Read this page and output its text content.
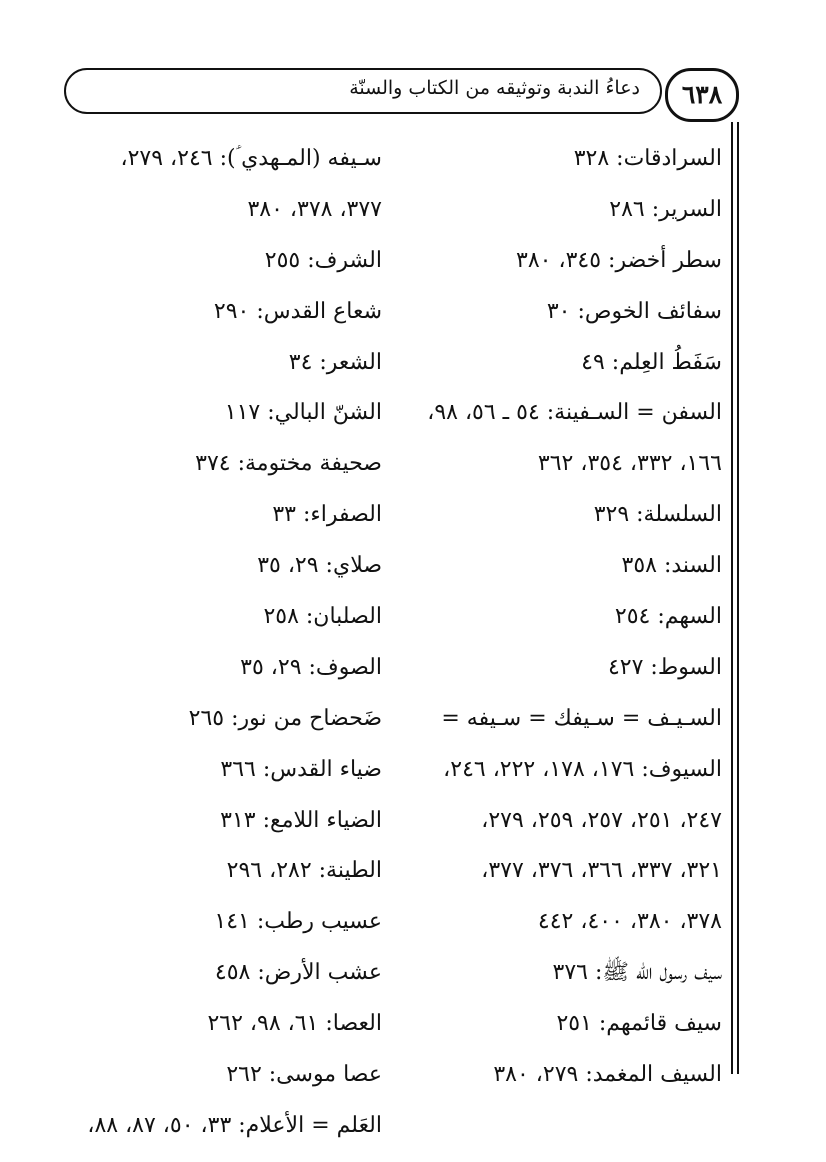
دعاءُ الندبة وتوثيقه من الكتاب والسنّة	٦٣٨
السرادقات: ٣٢٨
السرير: ٢٨٦
سطر أخضر: ٣٤٥، ٣٨٠
سفائف الخوص: ٣٠
سَفَطُ العِلم: ٤٩
السفن = السـفينة: ٥٤ ـ ٥٦، ٩٨،
١٦٦، ٣٣٢، ٣٥٤، ٣٦٢
السلسلة: ٣٢٩
السند: ٣٥٨
السهم: ٢٥٤
السوط: ٤٢٧
السـيـف = سـيفك = سـيفه =
السيوف: ١٧٦، ١٧٨، ٢٢٢، ٢٤٦،
٢٤٧، ٢٥١، ٢٥٧، ٢٥٩، ٢٧٩،
٣٢١، ٣٣٧، ٣٦٦، ٣٧٦، ٣٧٧،
٣٧٨، ٣٨٠، ٤٠٠، ٤٤٢
سيف رسول الله ﷺ: ٣٧٦
سيف قائمهم: ٢٥١
السيف المغمد: ٢٧٩، ٣٨٠
سـيفه (المـهدي ؑ): ٢٤٦، ٢٧٩،
٣٧٧، ٣٧٨، ٣٨٠
الشرف: ٢٥٥
شعاع القدس: ٢٩٠
الشعر: ٣٤
الشنّ البالي: ١١٧
صحيفة مختومة: ٣٧٤
الصفراء: ٣٣
صلاي: ٢٩، ٣٥
الصلبان: ٢٥٨
الصوف: ٢٩، ٣٥
ضَحضاح من نور: ٢٦٥
ضياء القدس: ٣٦٦
الضياء اللامع: ٣١٣
الطينة: ٢٨٢، ٢٩٦
عسيب رطب: ١٤١
عشب الأرض: ٤٥٨
العصا: ٦١، ٩٨، ٢٦٢
عصا موسى: ٢٦٢
العَلم = الأعلام: ٣٣، ٥٠، ٨٧، ٨٨،
